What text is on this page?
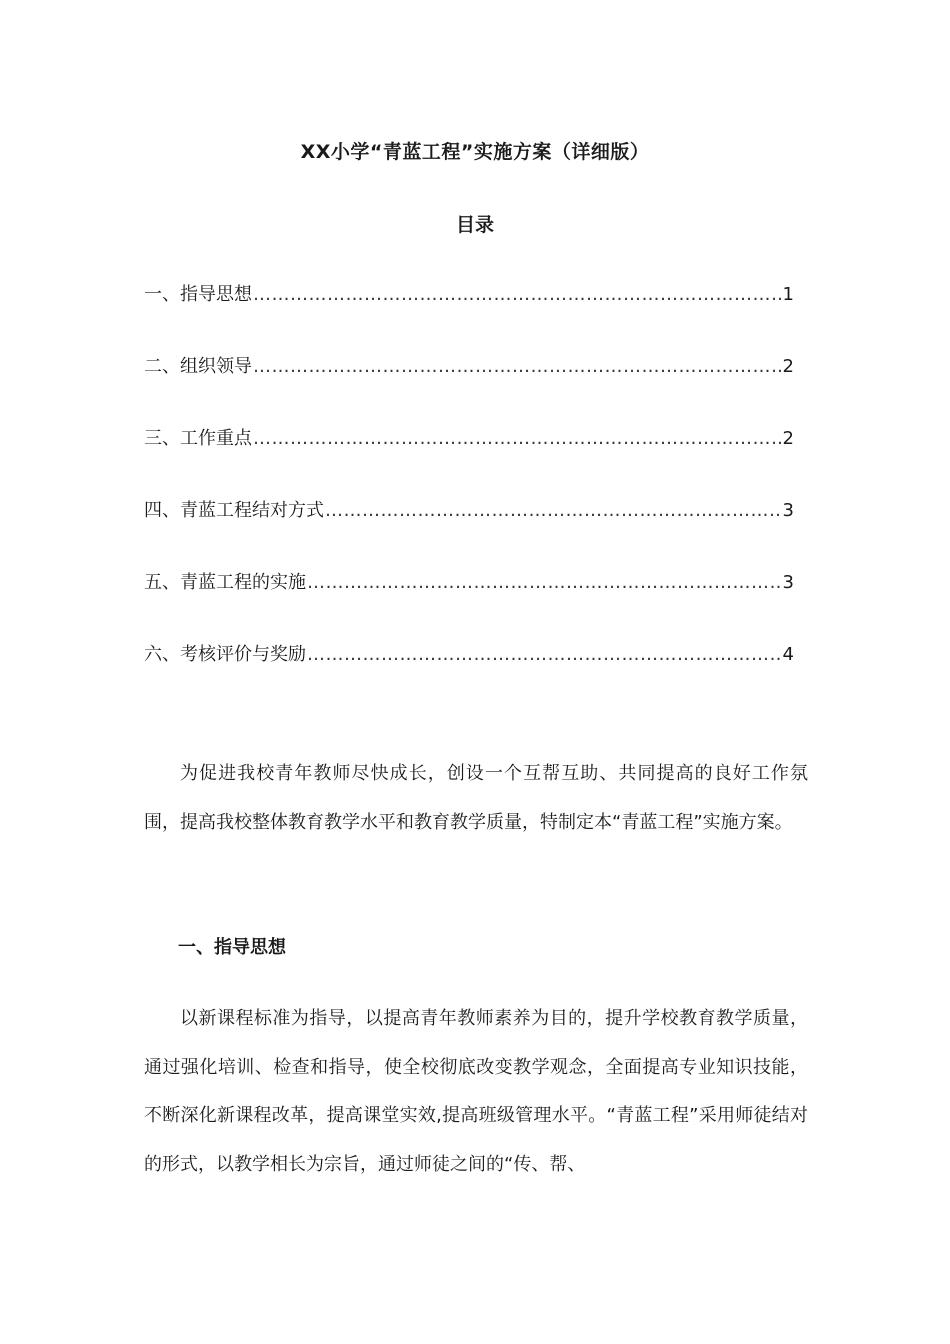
XX小学“青蓝工程”实施方案（详细版）
目录
一、指导思想 ……………………………………………………………………………………………………………………………………………………………………………………………	1
二、组织领导 ……………………………………………………………………………………………………………………………………………………………………………………………	2
三、工作重点 ……………………………………………………………………………………………………………………………………………………………………………………………	2
四、青蓝工程结对方式 ……………………………………………………………………………………………………………………………………………………………………………………………	3
五、青蓝工程的实施 ……………………………………………………………………………………………………………………………………………………………………………………………	3
六、考核评价与奖励 ……………………………………………………………………………………………………………………………………………………………………………………………	4

为促进我校青年教师尽快成长，创设一个互帮互助、共同提高的良好工作氛围，提高我校整体教育教学水平和教育教学质量，特制定本“青蓝工程”实施方案。

一、指导思想

以新课程标准为指导，以提高青年教师素养为目的，提升学校教育教学质量，通过强化培训、检查和指导，使全校彻底改变教学观念，全面提高专业知识技能，不断深化新课程改革，提高课堂实效,提高班级管理水平。“青蓝工程”采用师徒结对的形式，以教学相长为宗旨，通过师徒之间的“传、帮、
